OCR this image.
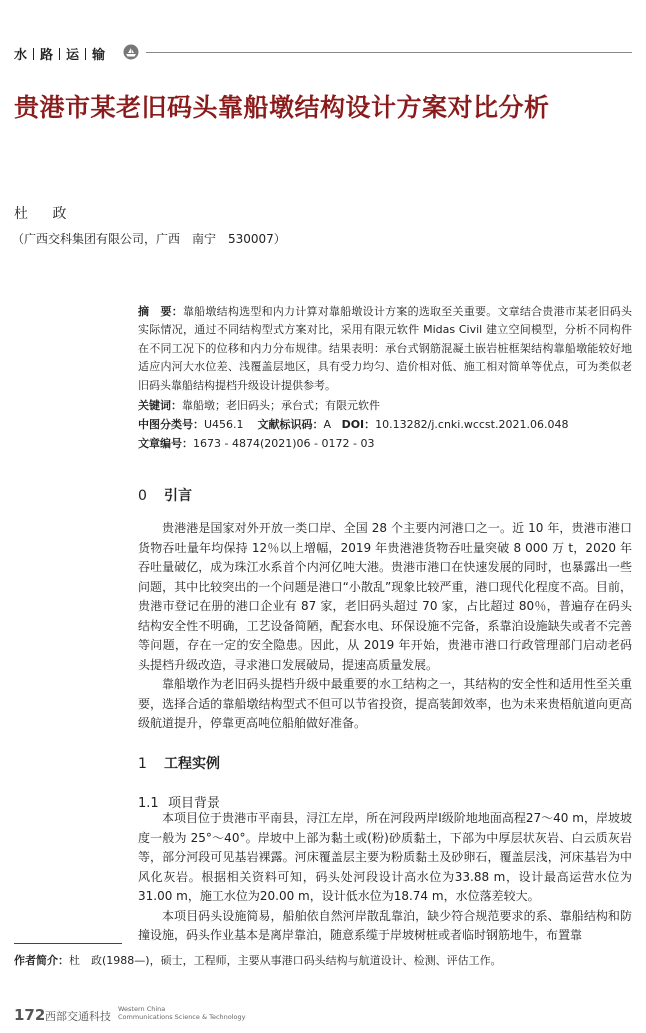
水 路 运 输
贵港市某老旧码头靠船墩结构设计方案对比分析
杜 政
（广西交科集团有限公司，广西　南宁　530007）
摘　要：靠船墩结构选型和内力计算对靠船墩设计方案的选取至关重要。文章结合贵港市某老旧码头实际情况，通过不同结构型式方案对比，采用有限元软件 Midas Civil 建立空间模型，分析不同构件在不同工况下的位移和内力分布规律。结果表明：承台式钢筋混凝土嵌岩桩框架结构靠船墩能较好地适应内河大水位差、浅覆盖层地区，具有受力均匀、造价相对低、施工相对简单等优点，可为类似老旧码头靠船结构提档升级设计提供参考。
关键词：靠船墩；老旧码头；承台式；有限元软件
中图分类号：U456.1 文献标识码：A DOI：10.13282/j.cnki.wccst.2021.06.048
文章编号：1673 - 4874(2021)06 - 0172 - 03
0 引言

贵港港是国家对外开放一类口岸、全国 28 个主要内河港口之一。近 10 年，贵港市港口货物吞吐量年均保持 12％以上增幅，2019 年贵港港货物吞吐量突破 8 000 万 t，2020 年吞吐量破亿，成为珠江水系首个内河亿吨大港。贵港市港口在快速发展的同时，也暴露出一些问题，其中比较突出的一个问题是港口“小散乱”现象比较严重，港口现代化程度不高。目前，贵港市登记在册的港口企业有 87 家，老旧码头超过 70 家，占比超过 80％，普遍存在码头结构安全性不明确，工艺设备简陋，配套水电、环保设施不完备，系靠泊设施缺失或者不完善等问题，存在一定的安全隐患。因此，从 2019 年开始，贵港市港口行政管理部门启动老码头提档升级改造，寻求港口发展破局，提速高质量发展。

靠船墩作为老旧码头提档升级中最重要的水工结构之一，其结构的安全性和适用性至关重要，选择合适的靠船墩结构型式不但可以节省投资，提高装卸效率，也为未来贵梧航道向更高级航道提升，停靠更高吨位船舶做好准备。

1 工程实例
1.1 项目背景

本项目位于贵港市平南县，浔江左岸，所在河段两岸Ⅰ级阶地地面高程27～40 m，岸坡坡度一般为 25°～40°。岸坡中上部为黏土或(粉)砂质黏土，下部为中厚层状灰岩、白云质灰岩等，部分河段可见基岩裸露。河床覆盖层主要为粉质黏土及砂卵石，覆盖层浅，河床基岩为中风化灰岩。根据相关资料可知，码头处河段设计高水位为33.88 m，设计最高运营水位为31.00 m，施工水位为20.00 m，设计低水位为18.74 m，水位落差较大。

本项目码头设施简易，船舶依自然河岸散乱靠泊，缺少符合规范要求的系、靠船结构和防撞设施，码头作业基本是离岸靠泊，随意系缆于岸坡树桩或者临时钢筋地牛，布置靠

作者简介：杜　政(1988—)，硕士，工程师，主要从事港口码头结构与航道设计、检测、评估工作。
172 西部交通科技
Western China
Communications Science & Technology
